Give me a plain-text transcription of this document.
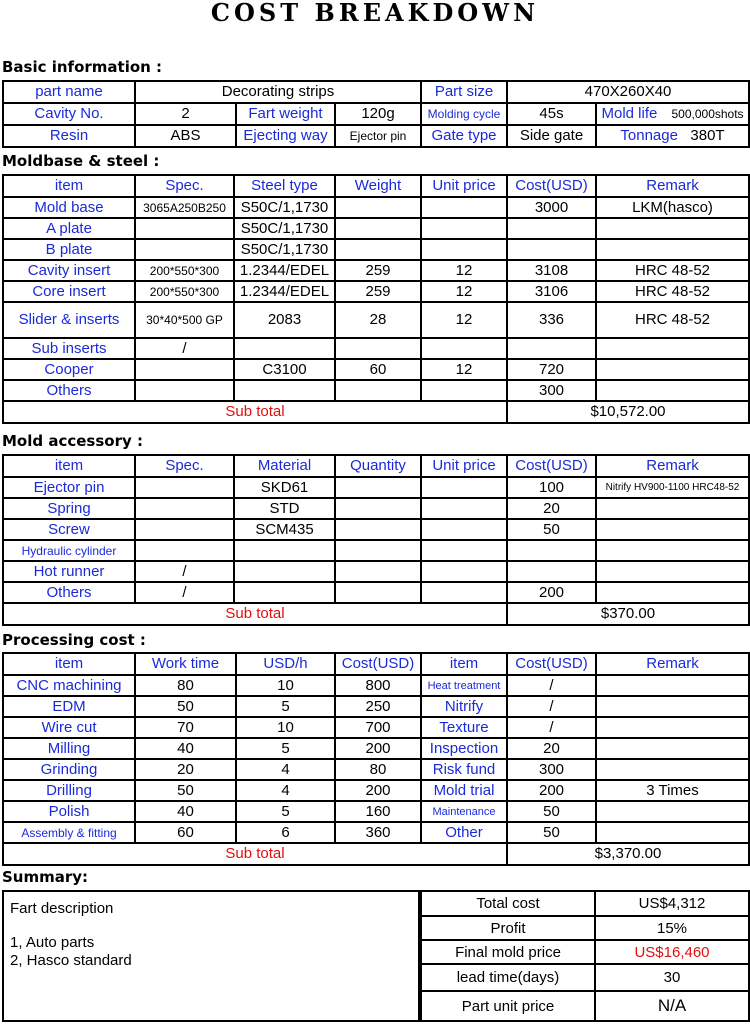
COST BREAKDOWN
Basic information :
part name	Decorating strips			Part size	470X260X40	
Cavity No.	2	Fart weight	120g	Molding cycle	45s	Mold life 500,000shots
Resin	ABS	Ejecting way	Ejector pin	Gate type	Side gate	Tonnage 380T
Moldbase & steel :
item	Spec.	Steel type	Weight	Unit price	Cost(USD)	Remark
Mold base	3065A250B250	S50C/1,1730			3000	LKM(hasco)
A plate		S50C/1,1730				
B plate		S50C/1,1730				
Cavity insert	200*550*300	1.2344/EDEL	259	12	3108	HRC 48-52
Core insert	200*550*300	1.2344/EDEL	259	12	3106	HRC 48-52
Slider & inserts	30*40*500 GP	2083	28	12	336	HRC 48-52
Sub inserts	/					
Cooper		C3100	60	12	720	
Others					300	
Sub total					$10,572.00	
Mold accessory :
item	Spec.	Material	Quantity	Unit price	Cost(USD)	Remark
Ejector pin		SKD61			100	Nitrify HV900-1100 HRC48-52
Spring		STD			20	
Screw		SCM435			50	
Hydraulic cylinder						
Hot runner	/					
Others	/				200	
Sub total					$370.00	
Processing cost :
item	Work time	USD/h	Cost(USD)	item	Cost(USD)	Remark
CNC machining	80	10	800	Heat treatment	/	
EDM	50	5	250	Nitrify	/	
Wire cut	70	10	700	Texture	/	
Milling	40	5	200	Inspection	20	
Grinding	20	4	80	Risk fund	300	
Drilling	50	4	200	Mold trial	200	3 Times
Polish	40	5	160	Maintenance	50	
Assembly & fitting	60	6	360	Other	50	
Sub total					$3,370.00	
Summary:
Fart description
1, Auto parts
2, Hasco standard
Total cost	US$4,312
Profit	15%
Final mold price	US$16,460
lead time(days)	30
Part unit price	N/A
